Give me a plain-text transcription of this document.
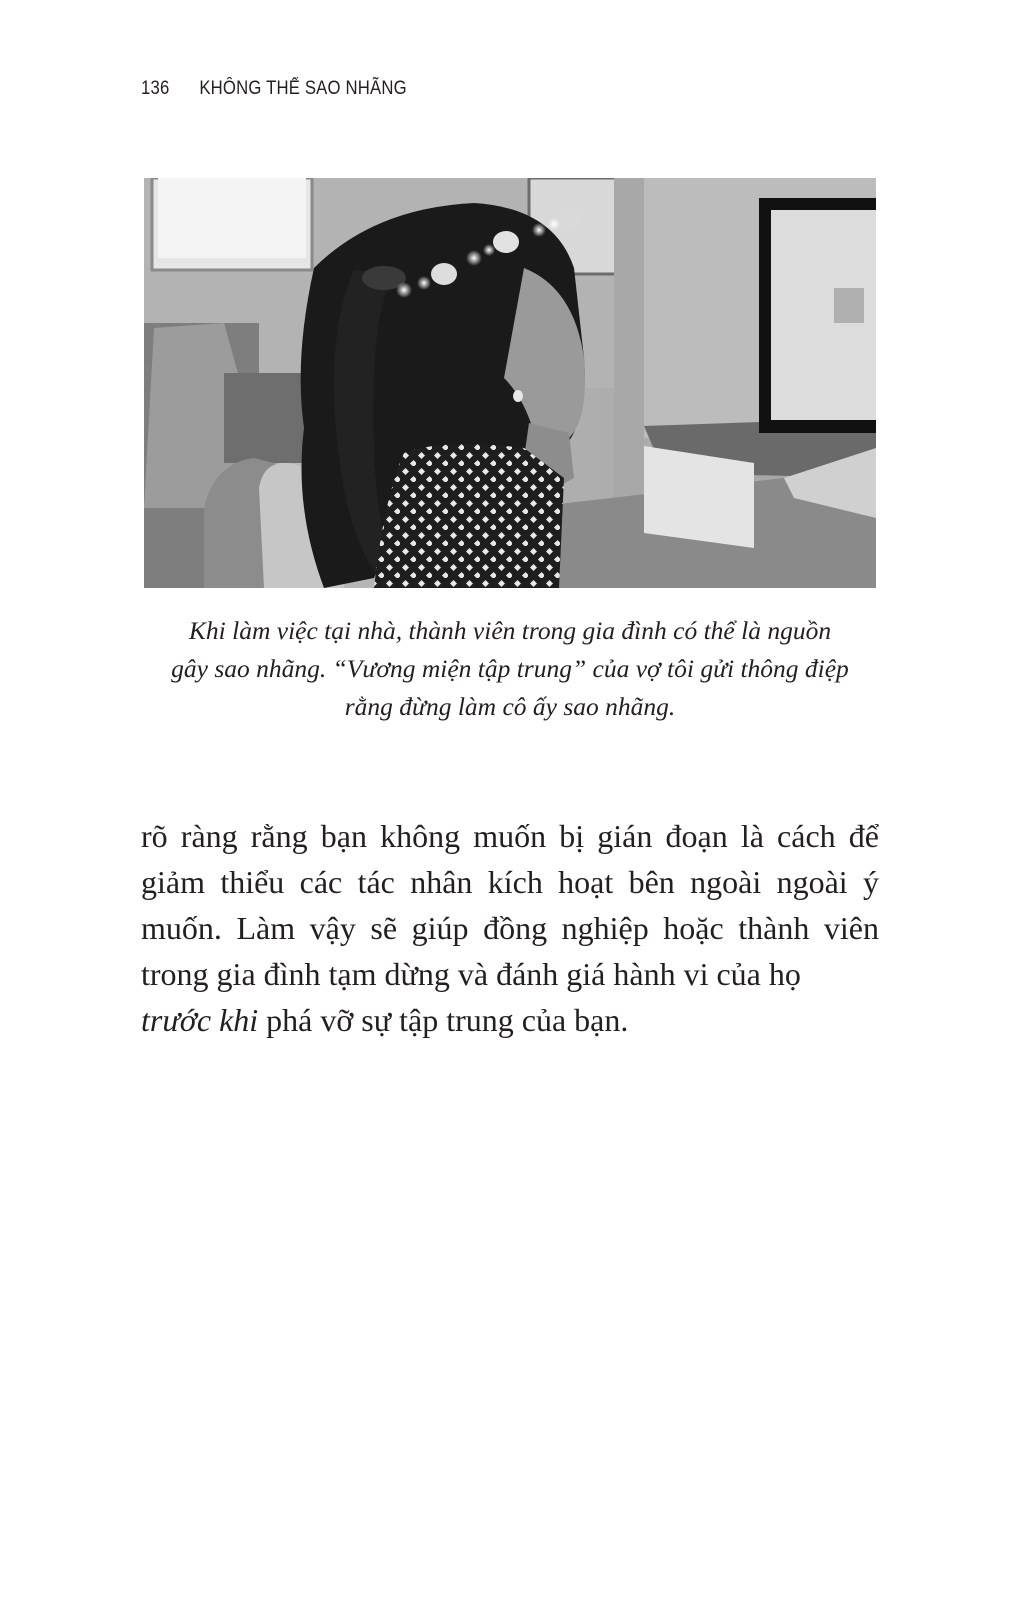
136 KHÔNG THỂ SAO NHÃNG
Khi làm việc tại nhà, thành viên trong gia đình có thể là nguồn
gây sao nhãng. “Vương miện tập trung” của vợ tôi gửi thông điệp
rằng đừng làm cô ấy sao nhãng.
rõ ràng rằng bạn không muốn bị gián đoạn là cách để giảm thiểu các tác nhân kích hoạt bên ngoài ngoài ý muốn. Làm vậy sẽ giúp đồng nghiệp hoặc thành viên trong gia đình tạm dừng và đánh giá hành vi của họ
trước khi phá vỡ sự tập trung của bạn.
